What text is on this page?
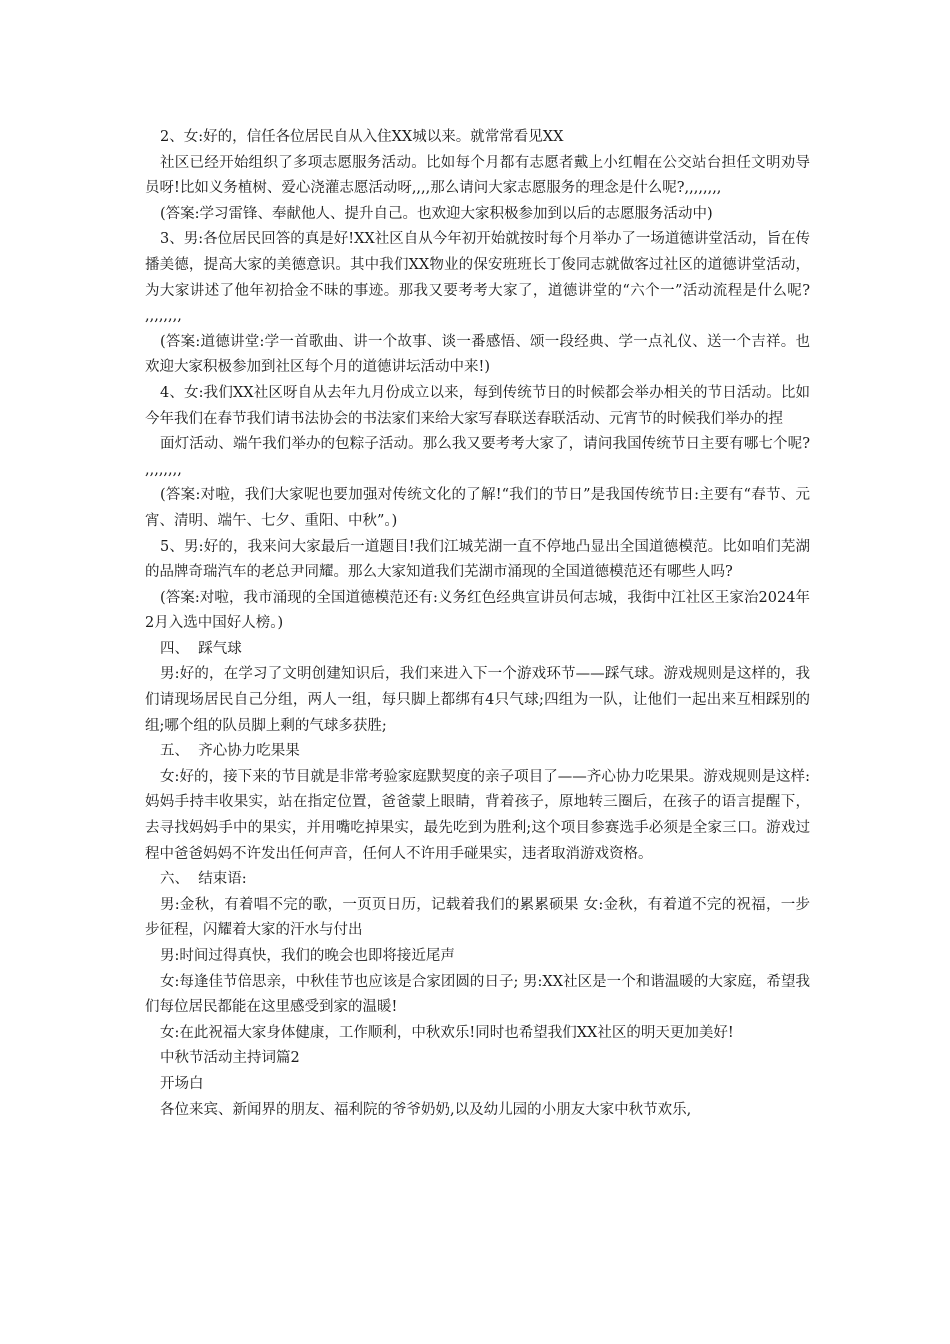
2、女:好的，信任各位居民自从入住XX城以来。就常常看见XX

社区已经开始组织了多项志愿服务活动。比如每个月都有志愿者戴上小红帽在公交站台担任文明劝导员呀!比如义务植树、爱心浇灌志愿活动呀,,,,那么请问大家志愿服务的理念是什么呢?,,,,,,,,

(答案:学习雷锋、奉献他人、提升自己。也欢迎大家积极参加到以后的志愿服务活动中)

3、男:各位居民回答的真是好!XX社区自从今年初开始就按时每个月举办了一场道德讲堂活动，旨在传播美德，提高大家的美德意识。其中我们XX物业的保安班班长丁俊同志就做客过社区的道德讲堂活动，为大家讲述了他年初拾金不昧的事迹。那我又要考考大家了，道德讲堂的“六个一”活动流程是什么呢? ,,,,,,,,

(答案:道德讲堂:学一首歌曲、讲一个故事、谈一番感悟、颂一段经典、学一点礼仪、送一个吉祥。也欢迎大家积极参加到社区每个月的道德讲坛活动中来!)

4、女:我们XX社区呀自从去年九月份成立以来，每到传统节日的时候都会举办相关的节日活动。比如今年我们在春节我们请书法协会的书法家们来给大家写春联送春联活动、元宵节的时候我们举办的捏

面灯活动、端午我们举办的包粽子活动。那么我又要考考大家了，请问我国传统节日主要有哪七个呢? ,,,,,,,,

(答案:对啦，我们大家呢也要加强对传统文化的了解!“我们的节日”是我国传统节日:主要有“春节、元宵、清明、端午、七夕、重阳、中秋”。)

5、男:好的，我来问大家最后一道题目!我们江城芜湖一直不停地凸显出全国道德模范。比如咱们芜湖的品牌奇瑞汽车的老总尹同耀。那么大家知道我们芜湖市涌现的全国道德模范还有哪些人吗?

(答案:对啦，我市涌现的全国道德模范还有:义务红色经典宣讲员何志城，我街中江社区王家治2024年2月入选中国好人榜。)

四、  踩气球

男:好的，在学习了文明创建知识后，我们来进入下一个游戏环节——踩气球。游戏规则是这样的，我们请现场居民自己分组，两人一组，每只脚上都绑有4只气球;四组为一队，让他们一起出来互相踩别的组;哪个组的队员脚上剩的气球多获胜;

五、  齐心协力吃果果

女:好的，接下来的节目就是非常考验家庭默契度的亲子项目了——齐心协力吃果果。游戏规则是这样:妈妈手持丰收果实，站在指定位置，爸爸蒙上眼睛，背着孩子，原地转三圈后，在孩子的语言提醒下，去寻找妈妈手中的果实，并用嘴吃掉果实，最先吃到为胜利;这个项目参赛选手必须是全家三口。游戏过程中爸爸妈妈不许发出任何声音，任何人不许用手碰果实，违者取消游戏资格。

六、  结束语:

男:金秋，有着唱不完的歌，一页页日历，记载着我们的累累硕果 女:金秋，有着道不完的祝福，一步步征程，闪耀着大家的汗水与付出

男:时间过得真快，我们的晚会也即将接近尾声

女:每逢佳节倍思亲，中秋佳节也应该是合家团圆的日子; 男:XX社区是一个和谐温暖的大家庭，希望我们每位居民都能在这里感受到家的温暖!

女:在此祝福大家身体健康，工作顺利，中秋欢乐!同时也希望我们XX社区的明天更加美好!

中秋节活动主持词篇2

开场白

各位来宾、新闻界的朋友、福利院的爷爷奶奶,以及幼儿园的小朋友大家中秋节欢乐,
